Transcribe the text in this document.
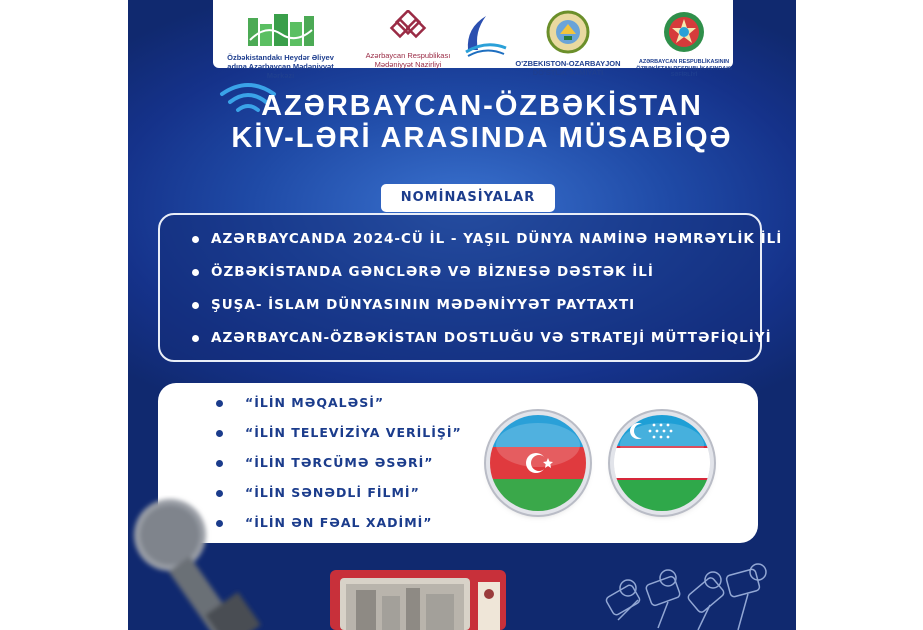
Özbəkistandakı Heydər Əliyev adına Azərbaycan Mədəniyyət Mərkəzi
Azərbaycan Respublikası Mədəniyyət Nazirliyi	O'ZBEKISTON-OZARBAYJON DO'STLIK JAMIYATI
AZƏRBAYCAN RESPUBLİKASININ ÖZBƏKİSTAN RESPUBLİKASINDAKI SƏFİRLİYİ
AZƏRBAYCAN-ÖZBƏKİSTAN
KİV-LƏRİ ARASINDA MÜSABİQƏ
AZƏRBAYCANDA 2024-CÜ İL - YAŞIL DÜNYA NAMİNƏ HƏMRƏYLİK İLİ
ÖZBƏKİSTANDA GƏNCLƏRƏ VƏ BİZNESƏ DƏSTƏK İLİ
ŞUŞA- İSLAM DÜNYASININ MƏDƏNİYYƏT PAYTAXTI
AZƏRBAYCAN-ÖZBƏKİSTAN DOSTLUĞU VƏ STRATEJİ MÜTTƏFİQLİYİ
NOMİNASİYALAR
“İLİN MƏQALƏSİ”
“İLİN TELEVİZİYA VERİLİŞİ”
“İLİN TƏRCÜMƏ ƏSƏRİ”
“İLİN SƏNƏDLİ FİLMİ”
“İLİN ƏN FƏAL XADİMİ”
